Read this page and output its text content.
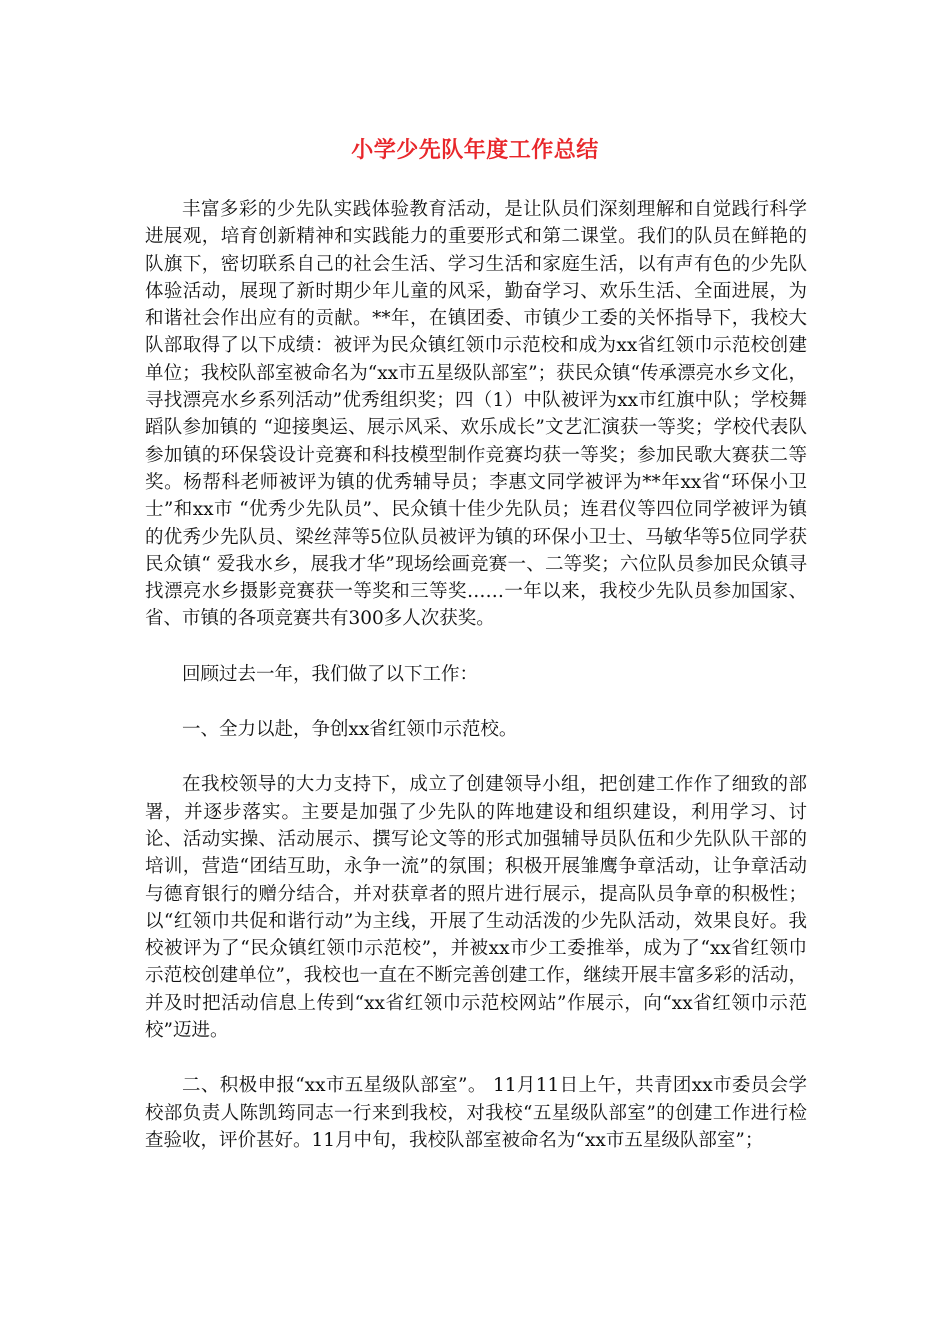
小学少先队年度工作总结

丰富多彩的少先队实践体验教育活动，是让队员们深刻理解和自觉践行科学进展观，培育创新精神和实践能力的重要形式和第二课堂。我们的队员在鲜艳的队旗下，密切联系自己的社会生活、学习生活和家庭生活，以有声有色的少先队体验活动，展现了新时期少年儿童的风采，勤奋学习、欢乐生活、全面进展，为和谐社会作出应有的贡献。**年，在镇团委、市镇少工委的关怀指导下，我校大队部取得了以下成绩：被评为民众镇红领巾示范校和成为xx省红领巾示范校创建单位；我校队部室被命名为“xx市五星级队部室”；获民众镇“传承漂亮水乡文化，寻找漂亮水乡系列活动”优秀组织奖；四（1）中队被评为xx市红旗中队；学校舞蹈队参加镇的 “迎接奥运、展示风采、欢乐成长”文艺汇演获一等奖；学校代表队参加镇的环保袋设计竞赛和科技模型制作竞赛均获一等奖；参加民歌大赛获二等奖。杨帮科老师被评为镇的优秀辅导员；李惠文同学被评为**年xx省“环保小卫士”和xx市 “优秀少先队员”、民众镇十佳少先队员；连君仪等四位同学被评为镇的优秀少先队员、梁丝萍等5位队员被评为镇的环保小卫士、马敏华等5位同学获民众镇“ 爱我水乡，展我才华”现场绘画竞赛一、二等奖；六位队员参加民众镇寻找漂亮水乡摄影竞赛获一等奖和三等奖……一年以来，我校少先队员参加国家、省、市镇的各项竞赛共有300多人次获奖。

回顾过去一年，我们做了以下工作：

一、全力以赴，争创xx省红领巾示范校。

在我校领导的大力支持下，成立了创建领导小组，把创建工作作了细致的部署，并逐步落实。主要是加强了少先队的阵地建设和组织建设，利用学习、讨论、活动实操、活动展示、撰写论文等的形式加强辅导员队伍和少先队队干部的培训，营造“团结互助，永争一流”的氛围；积极开展雏鹰争章活动，让争章活动与德育银行的赠分结合，并对获章者的照片进行展示，提高队员争章的积极性；以“红领巾共促和谐行动”为主线，开展了生动活泼的少先队活动，效果良好。我校被评为了“民众镇红领巾示范校”，并被xx市少工委推举，成为了“xx省红领巾示范校创建单位”，我校也一直在不断完善创建工作，继续开展丰富多彩的活动，并及时把活动信息上传到“xx省红领巾示范校网站”作展示，向“xx省红领巾示范校”迈进。

二、积极申报“xx市五星级队部室”。 11月11日上午，共青团xx市委员会学校部负责人陈凯筠同志一行来到我校，对我校“五星级队部室”的创建工作进行检查验收，评价甚好。11月中旬，我校队部室被命名为“xx市五星级队部室”；
